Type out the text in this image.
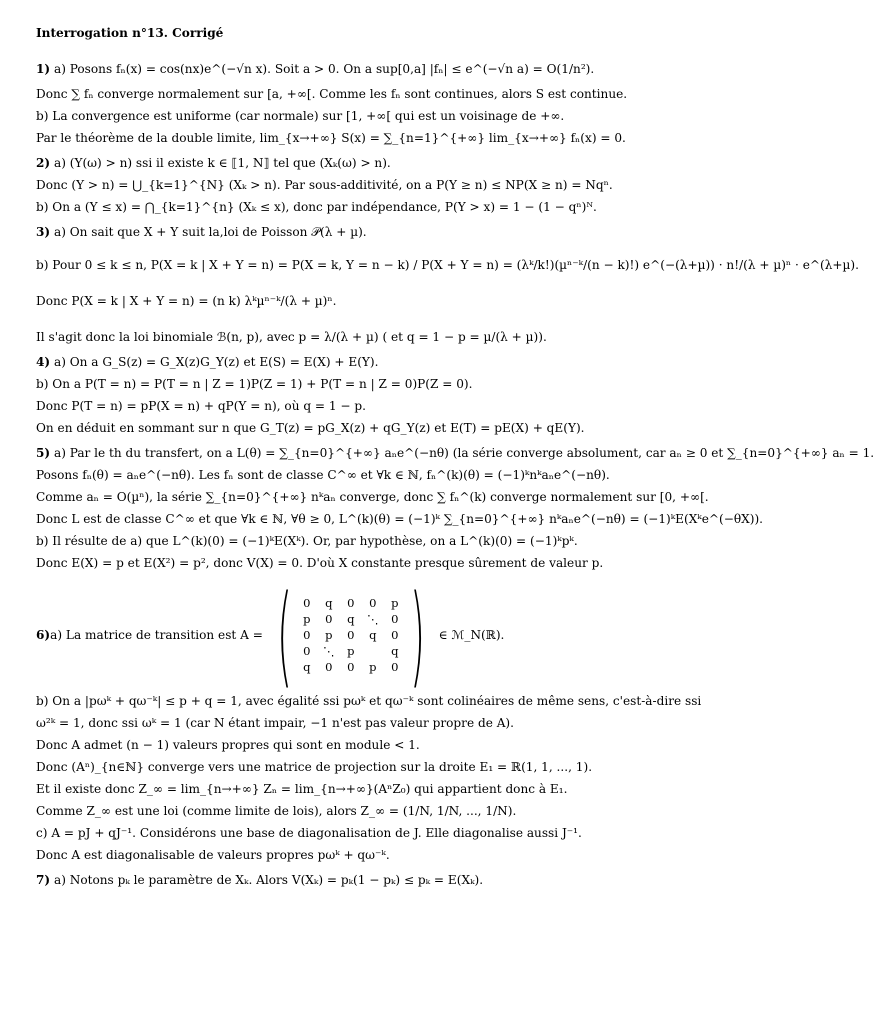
Interrogation n°13. Corrigé

1) a) Posons fₙ(x) = cos(nx)e^(−√n x). Soit a > 0. On a sup[0,a] |fₙ| ≤ e^(−√n a) = O(1/n²).

Donc ∑ fₙ converge normalement sur [a, +∞[. Comme les fₙ sont continues, alors S est continue.

b) La convergence est uniforme (car normale) sur [1, +∞[ qui est un voisinage de +∞.

Par le théorème de la double limite, lim_{x→+∞} S(x) = ∑_{n=1}^{+∞} lim_{x→+∞} fₙ(x) = 0.

2) a) (Y(ω) > n) ssi il existe k ∈ ⟦1, N⟧ tel que (Xₖ(ω) > n).

Donc (Y > n) = ⋃_{k=1}^{N} (Xₖ > n). Par sous-additivité, on a P(Y ≥ n) ≤ NP(X ≥ n) = Nqⁿ.

b) On a (Y ≤ x) = ⋂_{k=1}^{n} (Xₖ ≤ x), donc par indépendance, P(Y > x) = 1 − (1 − qⁿ)ᴺ.

3) a) On sait que X + Y suit la,loi de Poisson 𝒫(λ + µ).

b) Pour 0 ≤ k ≤ n, P(X = k | X + Y = n) = P(X = k, Y = n − k) / P(X + Y = n) = (λᵏ/k!)(µⁿ⁻ᵏ/(n − k)!) e^(−(λ+µ)) · n!/(λ + µ)ⁿ · e^(λ+µ).

Donc P(X = k | X + Y = n) = (n k) λᵏµⁿ⁻ᵏ/(λ + µ)ⁿ.

Il s'agit donc la loi binomiale ℬ(n, p), avec p = λ/(λ + µ) ( et q = 1 − p = µ/(λ + µ)).

4) a) On a G_S(z) = G_X(z)G_Y(z) et E(S) = E(X) + E(Y).

b) On a P(T = n) = P(T = n | Z = 1)P(Z = 1) + P(T = n | Z = 0)P(Z = 0).

Donc P(T = n) = pP(X = n) + qP(Y = n), où q = 1 − p.

On en déduit en sommant sur n que G_T(z) = pG_X(z) + qG_Y(z) et E(T) = pE(X) + qE(Y).

5) a) Par le th du transfert, on a L(θ) = ∑_{n=0}^{+∞} aₙe^(−nθ) (la série converge absolument, car aₙ ≥ 0 et ∑_{n=0}^{+∞} aₙ = 1.

Posons fₙ(θ) = aₙe^(−nθ). Les fₙ sont de classe C^∞ et ∀k ∈ ℕ, fₙ^(k)(θ) = (−1)ᵏnᵏaₙe^(−nθ).

Comme aₙ = O(µⁿ), la série ∑_{n=0}^{+∞} nᵏaₙ converge, donc ∑ fₙ^(k) converge normalement sur [0, +∞[.

Donc L est de classe C^∞ et que ∀k ∈ ℕ, ∀θ ≥ 0, L^(k)(θ) = (−1)ᵏ ∑_{n=0}^{+∞} nᵏaₙe^(−nθ) = (−1)ᵏE(Xᵏe^(−θX)).

b) Il résulte de a) que L^(k)(0) = (−1)ᵏE(Xᵏ). Or, par hypothèse, on a L^(k)(0) = (−1)ᵏpᵏ.

Donc E(X) = p et E(X²) = p², donc V(X) = 0. D'où X constante presque sûrement de valeur p.

6) a) La matrice de transition est A = ( 0	q	0	0	p
p	0	q	⋱	0
0	p	0	q	0
0	⋱	p		q
q	0	0	p	0 ) ∈ ℳ_N(ℝ).

b) On a |pωᵏ + qω⁻ᵏ| ≤ p + q = 1, avec égalité ssi pωᵏ et qω⁻ᵏ sont colinéaires de même sens, c'est-à-dire ssi

ω²ᵏ = 1, donc ssi ωᵏ = 1 (car N étant impair, −1 n'est pas valeur propre de A).

Donc A admet (n − 1) valeurs propres qui sont en module < 1.

Donc (Aⁿ)_{n∈ℕ} converge vers une matrice de projection sur la droite E₁ = ℝ(1, 1, ..., 1).

Et il existe donc Z_∞ = lim_{n→+∞} Zₙ = lim_{n→+∞}(AⁿZ₀) qui appartient donc à E₁.

Comme Z_∞ est une loi (comme limite de lois), alors Z_∞ = (1/N, 1/N, ..., 1/N).

c) A = pJ + qJ⁻¹. Considérons une base de diagonalisation de J. Elle diagonalise aussi J⁻¹.

Donc A est diagonalisable de valeurs propres pωᵏ + qω⁻ᵏ.

7) a) Notons pₖ le paramètre de Xₖ. Alors V(Xₖ) = pₖ(1 − pₖ) ≤ pₖ = E(Xₖ).
